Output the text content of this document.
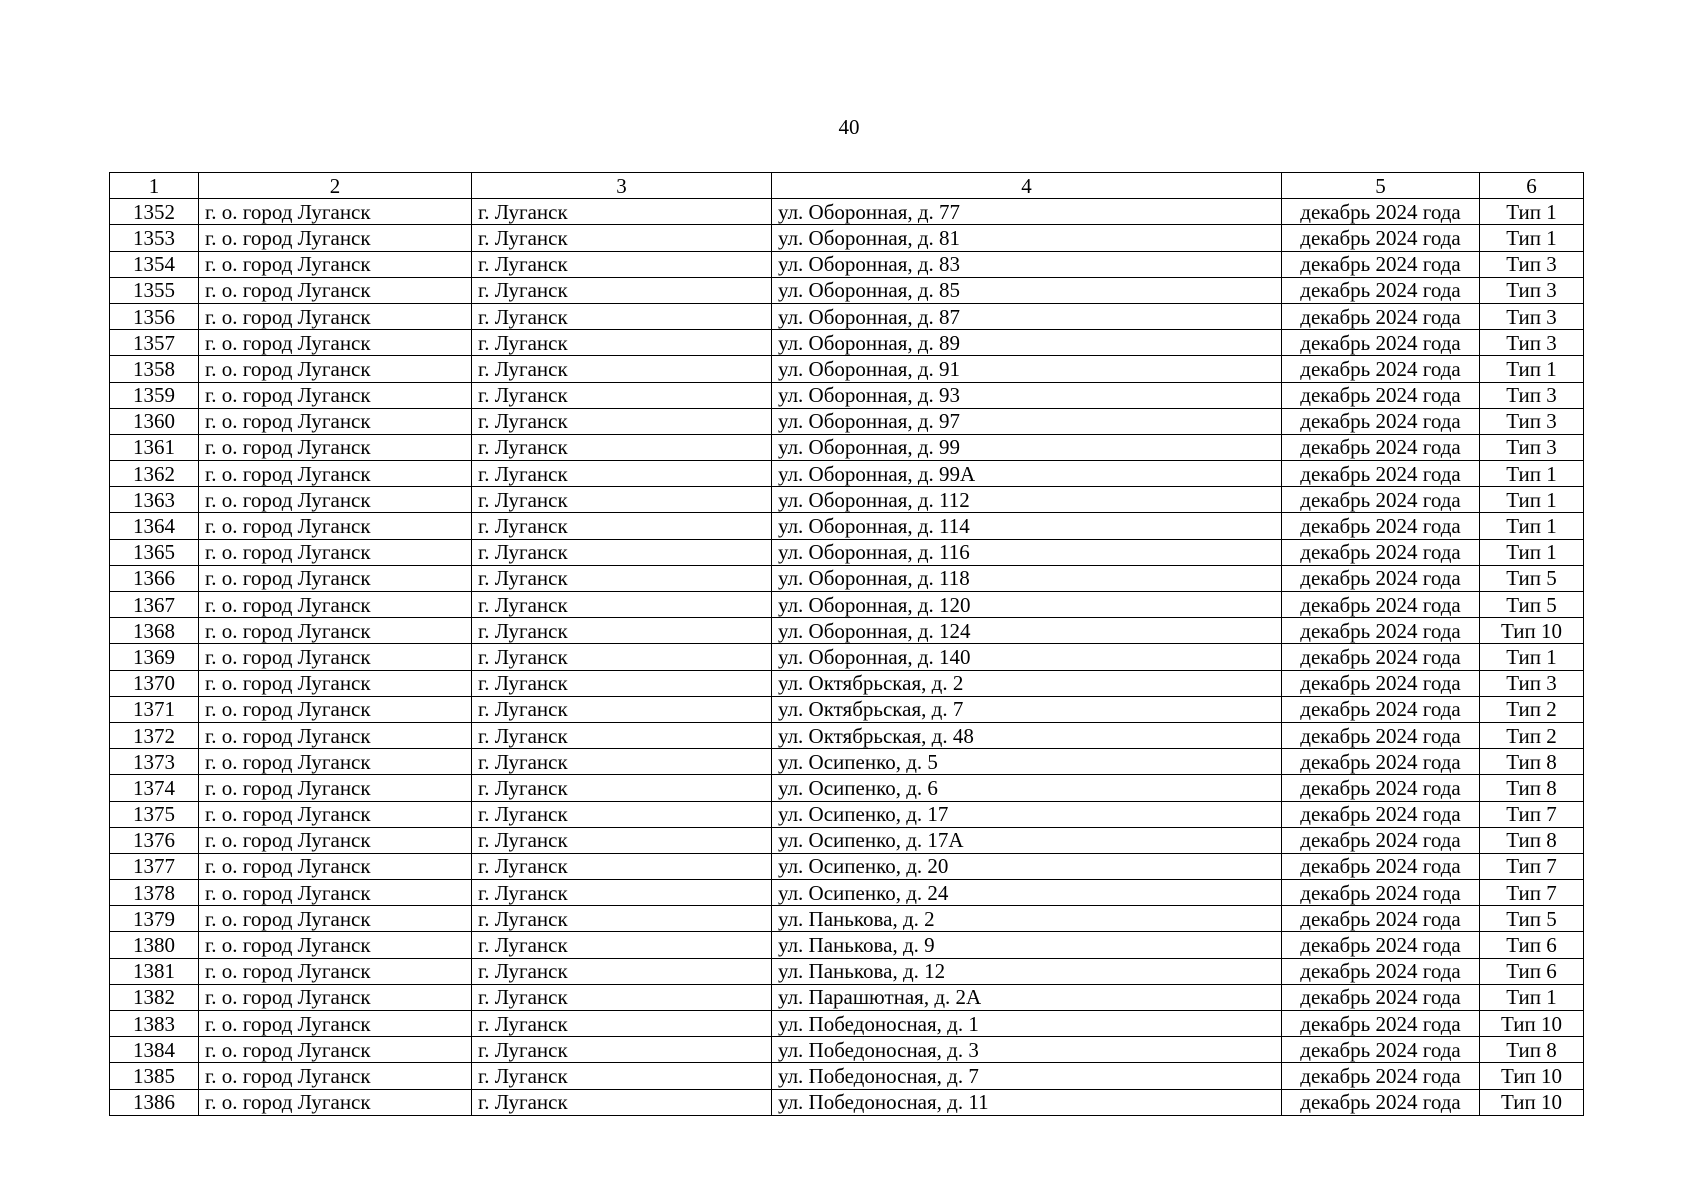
40
1	2	3	4	5	6
1352	г. о. город Луганск	г. Луганск	ул. Оборонная, д. 77	декабрь 2024 года	Тип 1
1353	г. о. город Луганск	г. Луганск	ул. Оборонная, д. 81	декабрь 2024 года	Тип 1
1354	г. о. город Луганск	г. Луганск	ул. Оборонная, д. 83	декабрь 2024 года	Тип 3
1355	г. о. город Луганск	г. Луганск	ул. Оборонная, д. 85	декабрь 2024 года	Тип 3
1356	г. о. город Луганск	г. Луганск	ул. Оборонная, д. 87	декабрь 2024 года	Тип 3
1357	г. о. город Луганск	г. Луганск	ул. Оборонная, д. 89	декабрь 2024 года	Тип 3
1358	г. о. город Луганск	г. Луганск	ул. Оборонная, д. 91	декабрь 2024 года	Тип 1
1359	г. о. город Луганск	г. Луганск	ул. Оборонная, д. 93	декабрь 2024 года	Тип 3
1360	г. о. город Луганск	г. Луганск	ул. Оборонная, д. 97	декабрь 2024 года	Тип 3
1361	г. о. город Луганск	г. Луганск	ул. Оборонная, д. 99	декабрь 2024 года	Тип 3
1362	г. о. город Луганск	г. Луганск	ул. Оборонная, д. 99А	декабрь 2024 года	Тип 1
1363	г. о. город Луганск	г. Луганск	ул. Оборонная, д. 112	декабрь 2024 года	Тип 1
1364	г. о. город Луганск	г. Луганск	ул. Оборонная, д. 114	декабрь 2024 года	Тип 1
1365	г. о. город Луганск	г. Луганск	ул. Оборонная, д. 116	декабрь 2024 года	Тип 1
1366	г. о. город Луганск	г. Луганск	ул. Оборонная, д. 118	декабрь 2024 года	Тип 5
1367	г. о. город Луганск	г. Луганск	ул. Оборонная, д. 120	декабрь 2024 года	Тип 5
1368	г. о. город Луганск	г. Луганск	ул. Оборонная, д. 124	декабрь 2024 года	Тип 10
1369	г. о. город Луганск	г. Луганск	ул. Оборонная, д. 140	декабрь 2024 года	Тип 1
1370	г. о. город Луганск	г. Луганск	ул. Октябрьская, д. 2	декабрь 2024 года	Тип 3
1371	г. о. город Луганск	г. Луганск	ул. Октябрьская, д. 7	декабрь 2024 года	Тип 2
1372	г. о. город Луганск	г. Луганск	ул. Октябрьская, д. 48	декабрь 2024 года	Тип 2
1373	г. о. город Луганск	г. Луганск	ул. Осипенко, д. 5	декабрь 2024 года	Тип 8
1374	г. о. город Луганск	г. Луганск	ул. Осипенко, д. 6	декабрь 2024 года	Тип 8
1375	г. о. город Луганск	г. Луганск	ул. Осипенко, д. 17	декабрь 2024 года	Тип 7
1376	г. о. город Луганск	г. Луганск	ул. Осипенко, д. 17А	декабрь 2024 года	Тип 8
1377	г. о. город Луганск	г. Луганск	ул. Осипенко, д. 20	декабрь 2024 года	Тип 7
1378	г. о. город Луганск	г. Луганск	ул. Осипенко, д. 24	декабрь 2024 года	Тип 7
1379	г. о. город Луганск	г. Луганск	ул. Панькова, д. 2	декабрь 2024 года	Тип 5
1380	г. о. город Луганск	г. Луганск	ул. Панькова, д. 9	декабрь 2024 года	Тип 6
1381	г. о. город Луганск	г. Луганск	ул. Панькова, д. 12	декабрь 2024 года	Тип 6
1382	г. о. город Луганск	г. Луганск	ул. Парашютная, д. 2А	декабрь 2024 года	Тип 1
1383	г. о. город Луганск	г. Луганск	ул. Победоносная, д. 1	декабрь 2024 года	Тип 10
1384	г. о. город Луганск	г. Луганск	ул. Победоносная, д. 3	декабрь 2024 года	Тип 8
1385	г. о. город Луганск	г. Луганск	ул. Победоносная, д. 7	декабрь 2024 года	Тип 10
1386	г. о. город Луганск	г. Луганск	ул. Победоносная, д. 11	декабрь 2024 года	Тип 10
